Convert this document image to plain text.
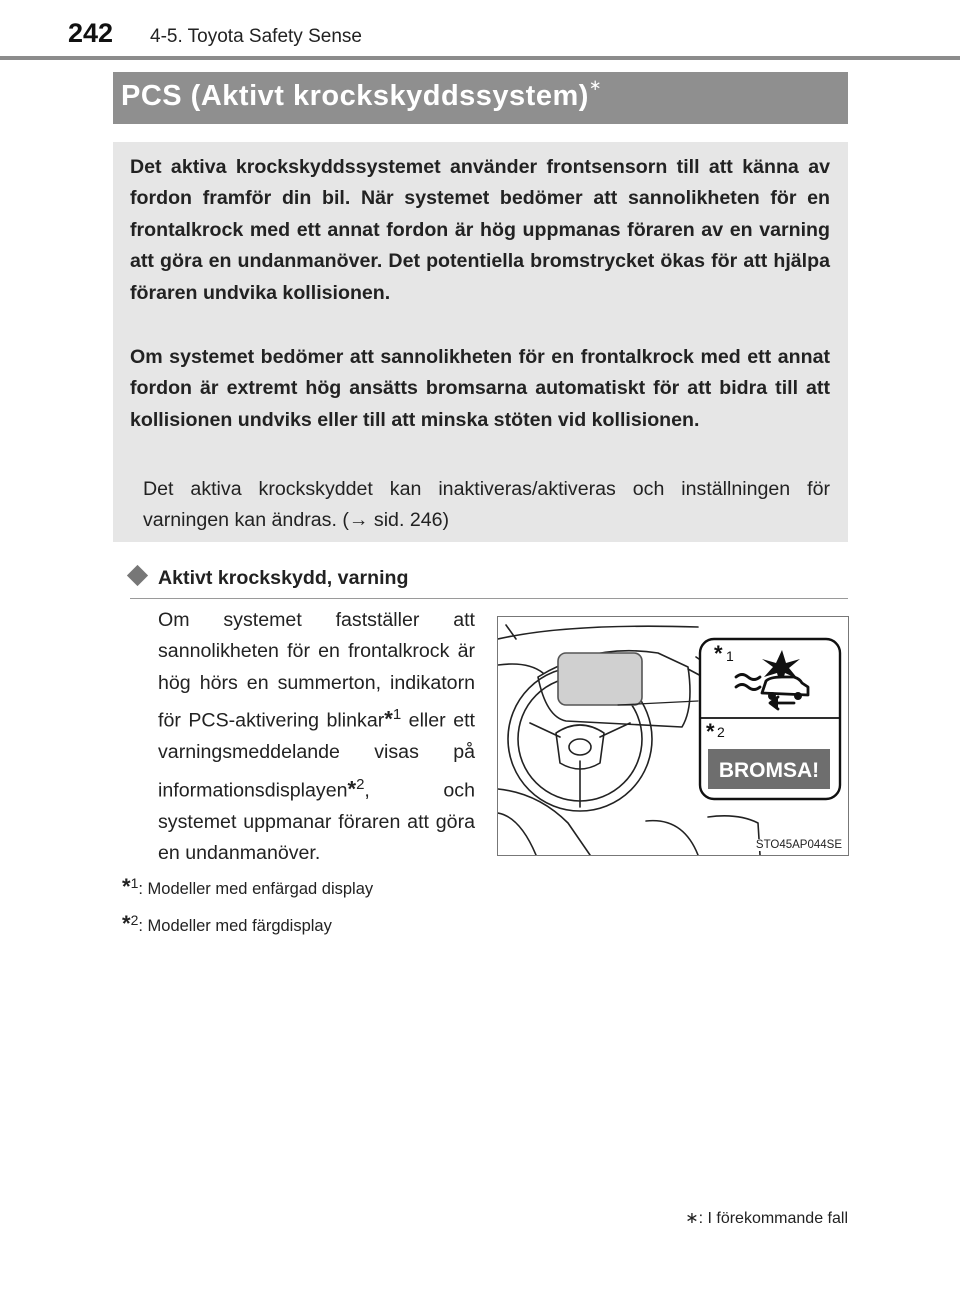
242 4-5. Toyota Safety Sense
PCS (Aktivt krockskyddssystem)∗

Det aktiva krockskyddssystemet använder frontsensorn till att känna av fordon framför din bil. När systemet bedömer att sannolikheten för en frontalkrock med ett annat fordon är hög uppmanas föraren av en varning att göra en undanmanöver. Det potentiella bromstrycket ökas för att hjälpa föraren undvika kollisionen.

Om systemet bedömer att sannolikheten för en frontalkrock med ett annat fordon är extremt hög ansätts bromsarna automatiskt för att bidra till att kollisionen undviks eller till att minska stöten vid kollisionen.

Det aktiva krockskyddet kan inaktiveras/aktiveras och inställningen för varningen kan ändras. (→ sid. 246)

Aktivt krockskydd, varning

Om systemet fastställer att sannolikheten för en frontalkrock är hög hörs en summerton, indikatorn för PCS-aktivering blinkar*$^1$ eller ett varningsmeddelande visas på informationsdisplayen*$^2$, och systemet uppmanar föraren att göra en undanmanöver.

* 1
* 2
BROMSA!
STO45AP044SE
*$^1$: Modeller med enfärgad display
*$^2$: Modeller med färgdisplay
∗: I förekommande fall
